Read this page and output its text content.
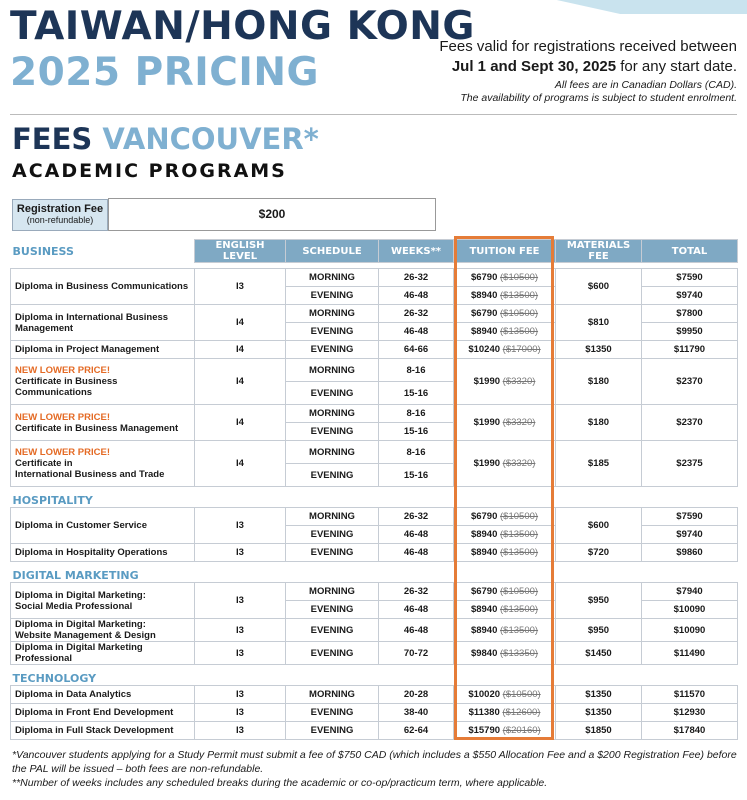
TAIWAN/HONG KONG
2025 PRICING
Fees valid for registrations received between
Jul 1 and Sept 30, 2025 for any start date.
All fees are in Canadian Dollars (CAD).
The availability of programs is subject to student enrolment.
FEES VANCOUVER*
ACADEMIC PROGRAMS
Registration Fee
(non-refundable)	$200
BUSINESS	ENGLISH LEVEL	SCHEDULE	WEEKS**	TUITION FEE	MATERIALS FEE	TOTAL

Diploma in Business Communications	I3	MORNING	26-32	$6790 ($10500)	$600	$7590
		EVENING	46-48	$8940 ($13500)		$9740
Diploma in International Business Management	I4	MORNING	26-32	$6790 ($10500)	$810	$7800
		EVENING	46-48	$8940 ($13500)		$9950
Diploma in Project Management	I4	EVENING	64-66	$10240 ($17000)	$1350	$11790

NEW LOWER PRICE!
Certificate in Business Communications	I4	MORNING	8-16	$1990 ($3320)	$180	$2370
		EVENING	15-16			

NEW LOWER PRICE!
Certificate in Business Management	I4	MORNING	8-16	$1990 ($3320)	$180	$2370
		EVENING	15-16			

NEW LOWER PRICE!
Certificate in
International Business and Trade	I4	MORNING	8-16	$1990 ($3320)	$185	$2375
		EVENING	15-16			
HOSPITALITY						
Diploma in Customer Service	I3	MORNING	26-32	$6790 ($10500)	$600	$7590
		EVENING	46-48	$8940 ($13500)		$9740
Diploma in Hospitality Operations	I3	EVENING	46-48	$8940 ($13500)	$720	$9860
DIGITAL MARKETING						
Diploma in Digital Marketing:
Social Media Professional	I3	MORNING	26-32	$6790 ($10500)	$950	$7940
		EVENING	46-48	$8940 ($13500)		$10090
Diploma in Digital Marketing:
Website Management & Design	I3	EVENING	46-48	$8940 ($13500)	$950	$10090
Diploma in Digital Marketing
Professional	I3	EVENING	70-72	$9840 ($13350)	$1450	$11490
TECHNOLOGY						
Diploma in Data Analytics	I3	MORNING	20-28	$10020 ($10500)	$1350	$11570
Diploma in Front End Development	I3	EVENING	38-40	$11380 ($12600)	$1350	$12930
Diploma in Full Stack Development	I3	EVENING	62-64	$15790 ($20160)	$1850	$17840
*Vancouver students applying for a Study Permit must submit a fee of $750 CAD (which includes a $550 Allocation Fee and a $200 Registration Fee) before the PAL will be issued – both fees are non-refundable.
**Number of weeks includes any scheduled breaks during the academic or co-op/practicum term, where applicable.
